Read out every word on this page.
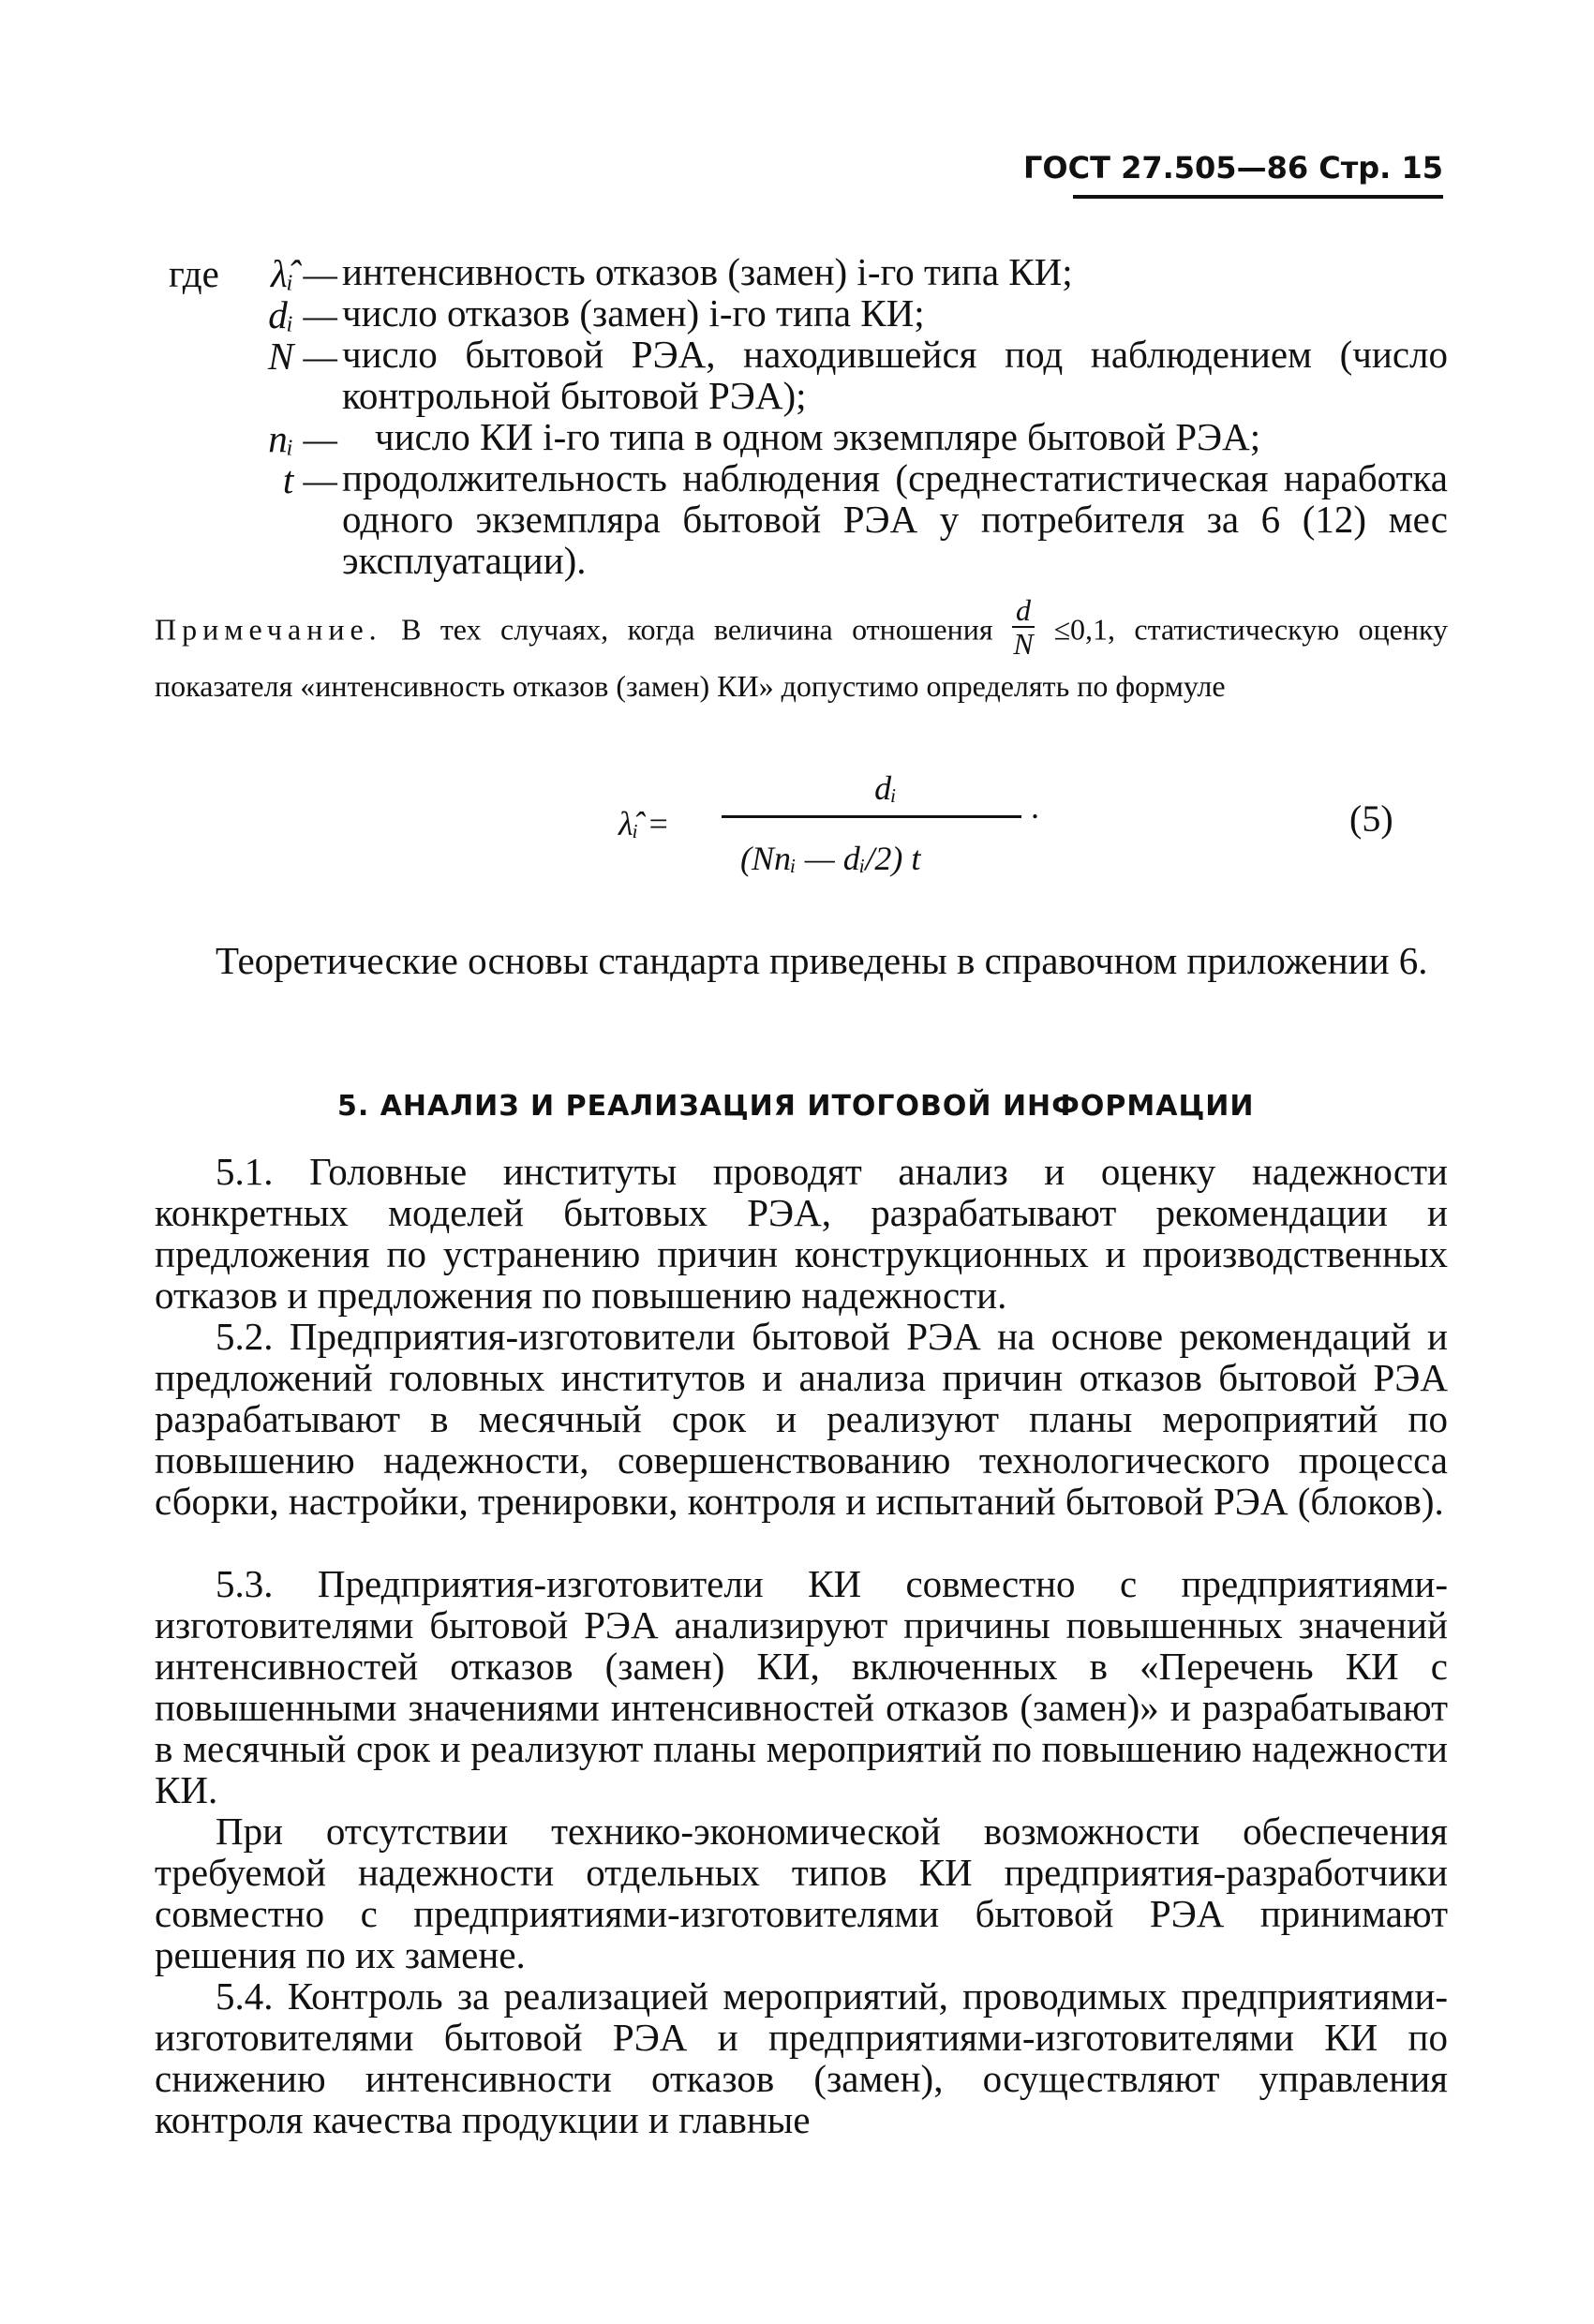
ГОСТ 27.505—86 Стр. 15
где	λ̂ᵢ — интенсивность отказов (замен) i-го типа КИ;
dᵢ — число отказов (замен) i-го типа КИ;
N — число бытовой РЭА, находившейся под наблюдением (число контрольной бытовой РЭА);
nᵢ — число КИ i-го типа в одном экземпляре бытовой РЭА;
t — продолжительность наблюдения (среднестатистическая наработка одного экземпляра бытовой РЭА у потребителя за 6 (12) мес эксплуатации).

Примечание. В тех случаях, когда величина отношения $\frac{d}{N} \le 0,1$, статистическую оценку показателя «интенсивность отказов (замен) КИ» допустимо определять по формуле

λ̂ᵢ =
dᵢ
(Nnᵢ — dᵢ/2) t
.	(5)

Теоретические основы стандарта приведены в справочном приложении 6.

5. АНАЛИЗ И РЕАЛИЗАЦИЯ ИТОГОВОЙ ИНФОРМАЦИИ

5.1. Головные институты проводят анализ и оценку надежности конкретных моделей бытовых РЭА, разрабатывают рекомендации и предложения по устранению причин конструкционных и производственных отказов и предложения по повышению надежности.

5.2. Предприятия-изготовители бытовой РЭА на основе рекомендаций и предложений головных институтов и анализа причин отказов бытовой РЭА разрабатывают в месячный срок и реализуют планы мероприятий по повышению надежности, совершенствованию технологического процесса сборки, настройки, тренировки, контроля и испытаний бытовой РЭА (блоков).

5.3. Предприятия-изготовители КИ совместно с предприятиями-изготовителями бытовой РЭА анализируют причины повышенных значений интенсивностей отказов (замен) КИ, включенных в «Перечень КИ с повышенными значениями интенсивностей отказов (замен)» и разрабатывают в месячный срок и реализуют планы мероприятий по повышению надежности КИ.

При отсутствии технико-экономической возможности обеспечения требуемой надежности отдельных типов КИ предприятия-разработчики совместно с предприятиями-изготовителями бытовой РЭА принимают решения по их замене.

5.4. Контроль за реализацией мероприятий, проводимых предприятиями-изготовителями бытовой РЭА и предприятиями-изготовителями КИ по снижению интенсивности отказов (замен), осуществляют управления контроля качества продукции и главные
